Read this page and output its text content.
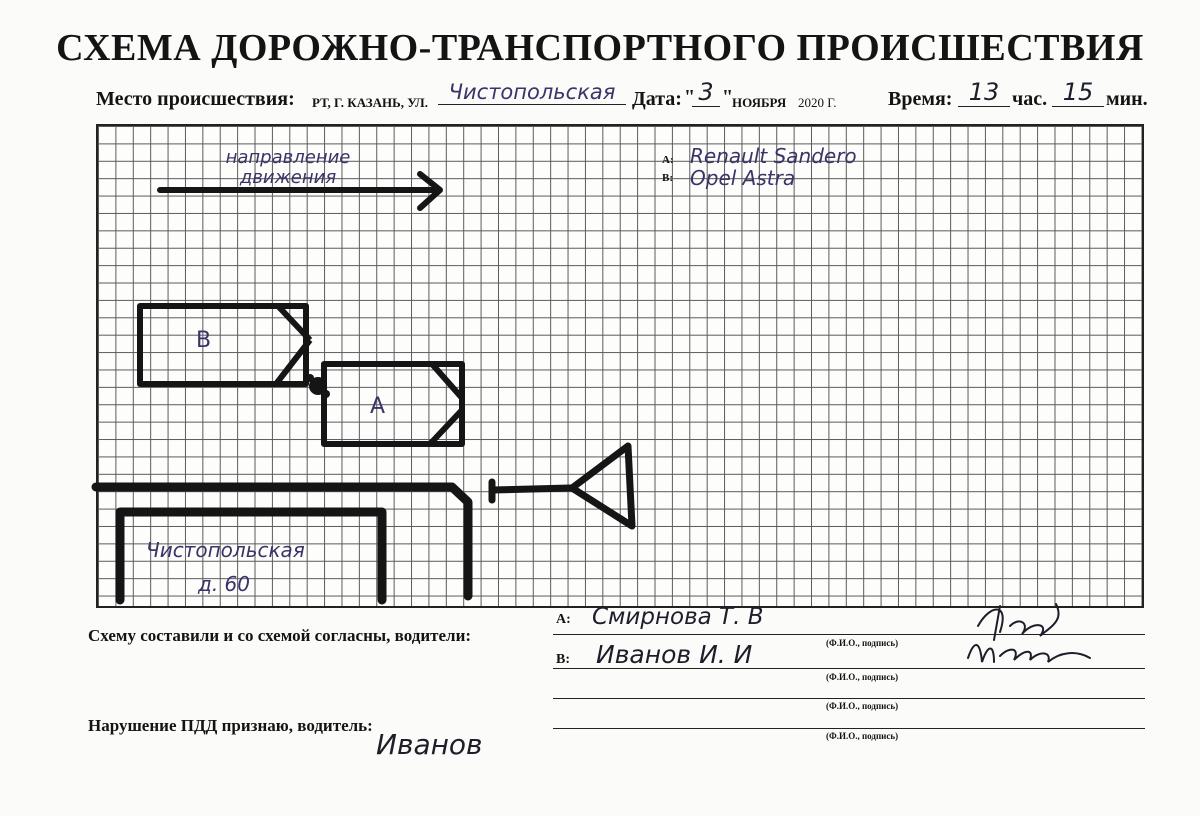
СХЕМА ДОРОЖНО-ТРАНСПОРТНОГО ПРОИСШЕСТВИЯ
Место происшествия: РТ, Г. КАЗАНЬ, УЛ. Чистопольская Дата: " 3 "
НОЯБРЯ 2020 Г.	Время: 13 час. 15 мин.
направление движения
А: Renault Sandero
В: Opel Astra
В
А
Чистопольская
д. 60
Схему составили и со схемой согласны, водители:
А: Смирнова Т. В
(Ф.И.О., подпись)
В: Иванов И. И
(Ф.И.О., подпись)
(Ф.И.О., подпись)
(Ф.И.О., подпись)
Нарушение ПДД признаю, водитель:
Иванов
